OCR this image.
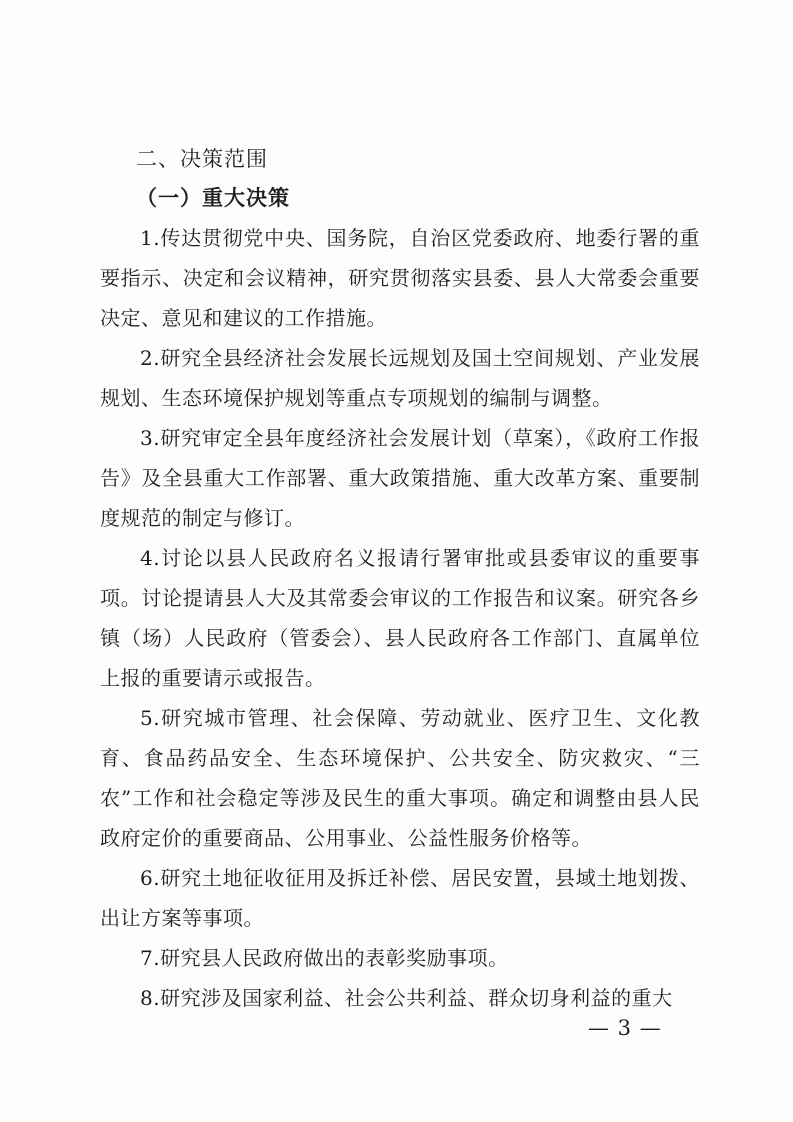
二、决策范围

（一）重大决策

1.传达贯彻党中央、国务院，自治区党委政府、地委行署的重要指示、决定和会议精神，研究贯彻落实县委、县人大常委会重要决定、意见和建议的工作措施。

2.研究全县经济社会发展长远规划及国土空间规划、产业发展规划、生态环境保护规划等重点专项规划的编制与调整。

3.研究审定全县年度经济社会发展计划（草案），《政府工作报告》及全县重大工作部署、重大政策措施、重大改革方案、重要制度规范的制定与修订。

4.讨论以县人民政府名义报请行署审批或县委审议的重要事项。讨论提请县人大及其常委会审议的工作报告和议案。研究各乡镇（场）人民政府（管委会）、县人民政府各工作部门、直属单位上报的重要请示或报告。

5.研究城市管理、社会保障、劳动就业、医疗卫生、文化教育、食品药品安全、生态环境保护、公共安全、防灾救灾、“三农”工作和社会稳定等涉及民生的重大事项。确定和调整由县人民政府定价的重要商品、公用事业、公益性服务价格等。

6.研究土地征收征用及拆迁补偿、居民安置，县域土地划拨、出让方案等事项。

7.研究县人民政府做出的表彰奖励事项。

8.研究涉及国家利益、社会公共利益、群众切身利益的重大

— 3 —
